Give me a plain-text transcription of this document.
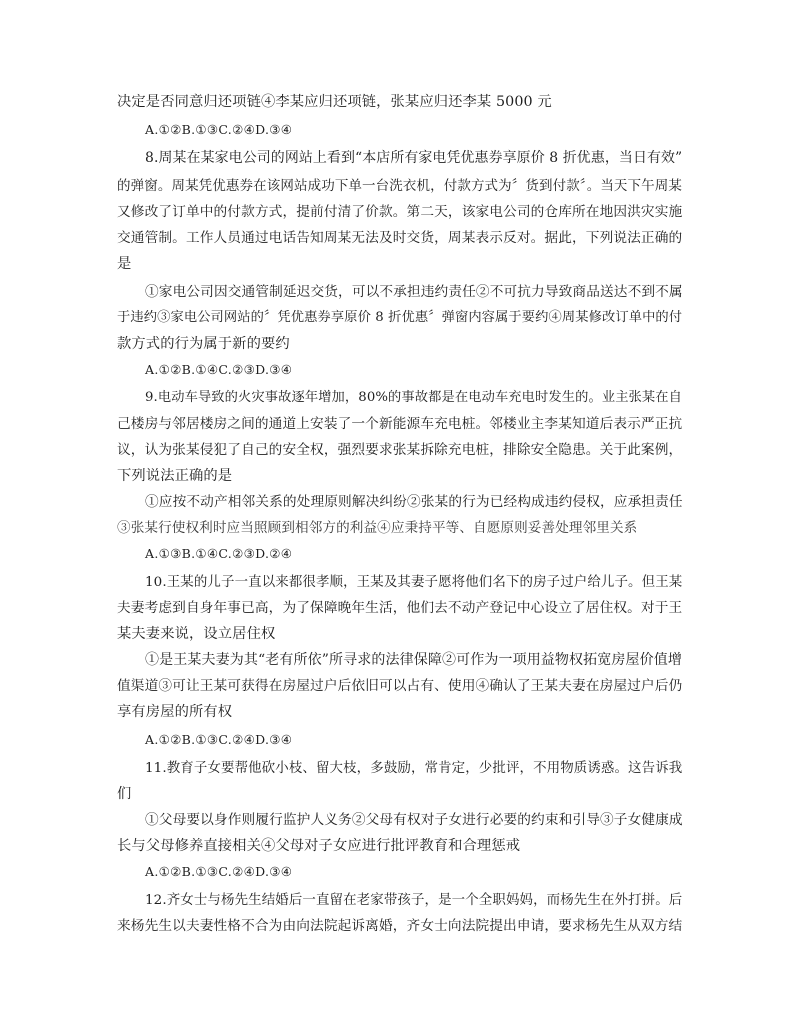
决定是否同意归还项链④李某应归还项链，张某应归还李某 5000 元
A.①②B.①③C.②④D.③④
8.周某在某家电公司的网站上看到“本店所有家电凭优惠券享原价 8 折优惠，当日有效”
的弹窗。周某凭优惠券在该网站成功下单一台洗衣机，付款方式为〞货到付款〞。当天下午周某
又修改了订单中的付款方式，提前付清了价款。第二天，该家电公司的仓库所在地因洪灾实施
交通管制。工作人员通过电话告知周某无法及时交货，周某表示反对。据此，下列说法正确的
是
①家电公司因交通管制延迟交货，可以不承担违约责任②不可抗力导致商品送达不到不属
于违约③家电公司网站的〞凭优惠券享原价 8 折优惠〞弹窗内容属于要约④周某修改订单中的付
款方式的行为属于新的要约
A.①②B.①④C.②③D.③④
9.电动车导致的火灾事故逐年增加，80%的事故都是在电动车充电时发生的。业主张某在自
己楼房与邻居楼房之间的通道上安装了一个新能源车充电桩。邻楼业主李某知道后表示严正抗
议，认为张某侵犯了自己的安全权，强烈要求张某拆除充电桩，排除安全隐患。关于此案例，
下列说法正确的是
①应按不动产相邻关系的处理原则解决纠纷②张某的行为已经构成违约侵权，应承担责任
③张某行使权利时应当照顾到相邻方的利益④应秉持平等、自愿原则妥善处理邻里关系
A.①③B.①④C.②③D.②④
10.王某的儿子一直以来都很孝顺，王某及其妻子愿将他们名下的房子过户给儿子。但王某
夫妻考虑到自身年事已高，为了保障晚年生活，他们去不动产登记中心设立了居住权。对于王
某夫妻来说，设立居住权
①是王某夫妻为其“老有所依”所寻求的法律保障②可作为一项用益物权拓宽房屋价值增
值渠道③可让王某可获得在房屋过户后依旧可以占有、使用④确认了王某夫妻在房屋过户后仍
享有房屋的所有权
A.①②B.①③C.②④D.③④
11.教育子女要帮他砍小枝、留大枝，多鼓励，常肯定，少批评，不用物质诱惑。这告诉我
们
①父母要以身作则履行监护人义务②父母有权对子女进行必要的约束和引导③子女健康成
长与父母修养直接相关④父母对子女应进行批评教育和合理惩戒
A.①②B.①③C.②④D.③④
12.齐女士与杨先生结婚后一直留在老家带孩子，是一个全职妈妈，而杨先生在外打拼。后
来杨先生以夫妻性格不合为由向法院起诉离婚，齐女士向法院提出申请，要求杨先生从双方结
